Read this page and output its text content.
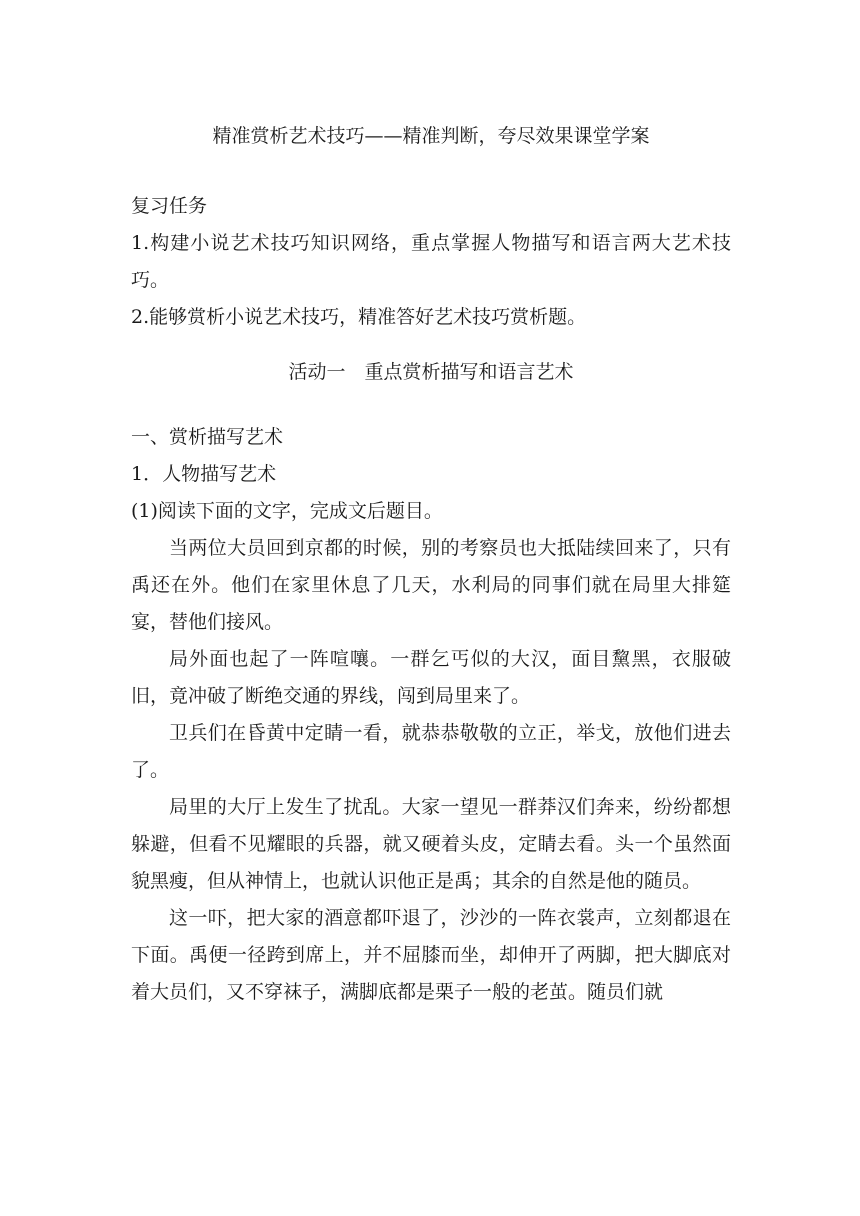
精准赏析艺术技巧——精准判断，夸尽效果课堂学案

复习任务

1.构建小说艺术技巧知识网络，重点掌握人物描写和语言两大艺术技巧。

2.能够赏析小说艺术技巧，精准答好艺术技巧赏析题。

活动一　重点赏析描写和语言艺术

一、赏析描写艺术

1．人物描写艺术

(1)阅读下面的文字，完成文后题目。

当两位大员回到京都的时候，别的考察员也大抵陆续回来了，只有禹还在外。他们在家里休息了几天，水利局的同事们就在局里大排筵宴，替他们接风。

局外面也起了一阵喧嚷。一群乞丐似的大汉，面目黧黑，衣服破旧，竟冲破了断绝交通的界线，闯到局里来了。

卫兵们在昏黄中定睛一看，就恭恭敬敬的立正，举戈，放他们进去了。

局里的大厅上发生了扰乱。大家一望见一群莽汉们奔来，纷纷都想躲避，但看不见耀眼的兵器，就又硬着头皮，定睛去看。头一个虽然面貌黑瘦，但从神情上，也就认识他正是禹；其余的自然是他的随员。

这一吓，把大家的酒意都吓退了，沙沙的一阵衣裳声，立刻都退在下面。禹便一径跨到席上，并不屈膝而坐，却伸开了两脚，把大脚底对着大员们，又不穿袜子，满脚底都是栗子一般的老茧。随员们就
